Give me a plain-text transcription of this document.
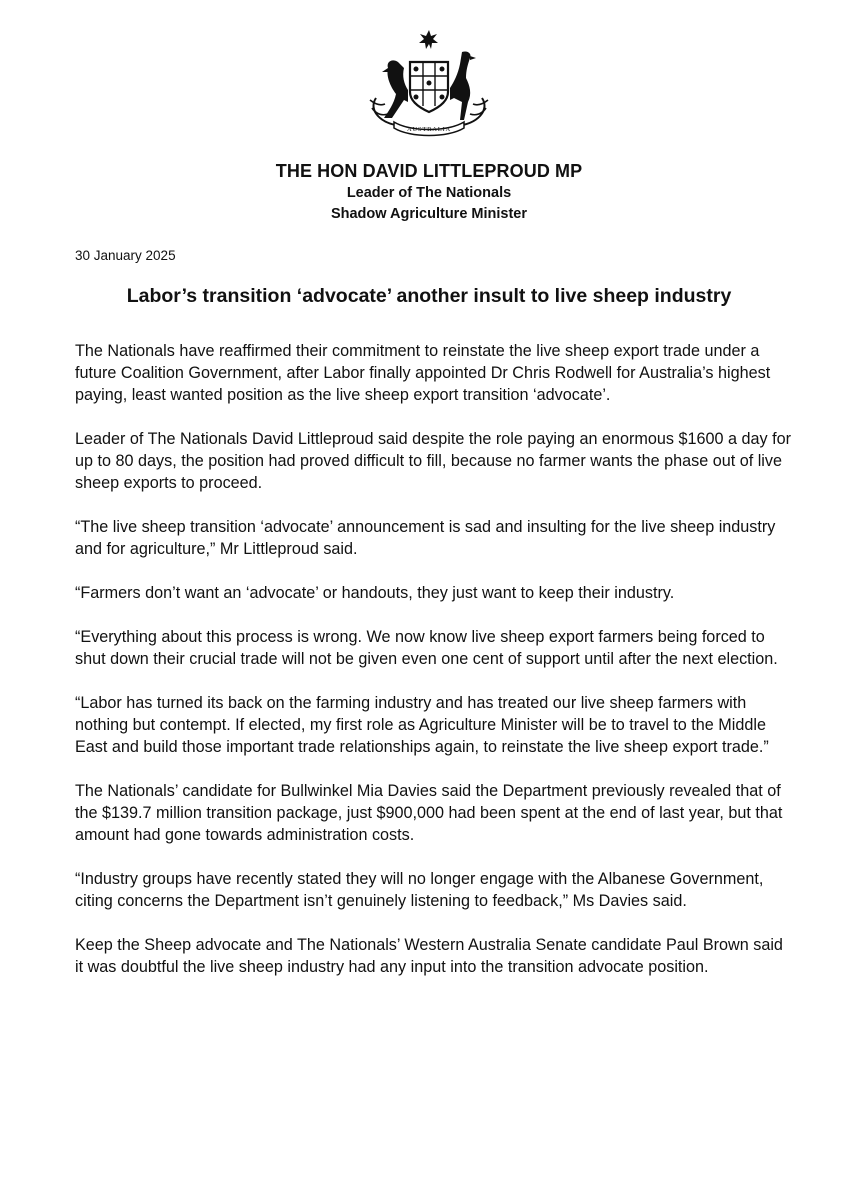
AUSTRALIA
THE HON DAVID LITTLEPROUD MP
Leader of The Nationals
Shadow Agriculture Minister
30 January 2025
Labor’s transition ‘advocate’ another insult to live sheep industry

The Nationals have reaffirmed their commitment to reinstate the live sheep export trade under a future Coalition Government, after Labor finally appointed Dr Chris Rodwell for Australia’s highest paying, least wanted position as the live sheep export transition ‘advocate’.

Leader of The Nationals David Littleproud said despite the role paying an enormous $1600 a day for up to 80 days, the position had proved difficult to fill, because no farmer wants the phase out of live sheep exports to proceed.

“The live sheep transition ‘advocate’ announcement is sad and insulting for the live sheep industry and for agriculture,” Mr Littleproud said.

“Farmers don’t want an ‘advocate’ or handouts, they just want to keep their industry.

“Everything about this process is wrong. We now know live sheep export farmers being forced to shut down their crucial trade will not be given even one cent of support until after the next election.

“Labor has turned its back on the farming industry and has treated our live sheep farmers with nothing but contempt. If elected, my first role as Agriculture Minister will be to travel to the Middle East and build those important trade relationships again, to reinstate the live sheep export trade.”

The Nationals’ candidate for Bullwinkel Mia Davies said the Department previously revealed that of the $139.7 million transition package, just $900,000 had been spent at the end of last year, but that amount had gone towards administration costs.

“Industry groups have recently stated they will no longer engage with the Albanese Government, citing concerns the Department isn’t genuinely listening to feedback,” Ms Davies said.

Keep the Sheep advocate and The Nationals’ Western Australia Senate candidate Paul Brown said it was doubtful the live sheep industry had any input into the transition advocate position.
